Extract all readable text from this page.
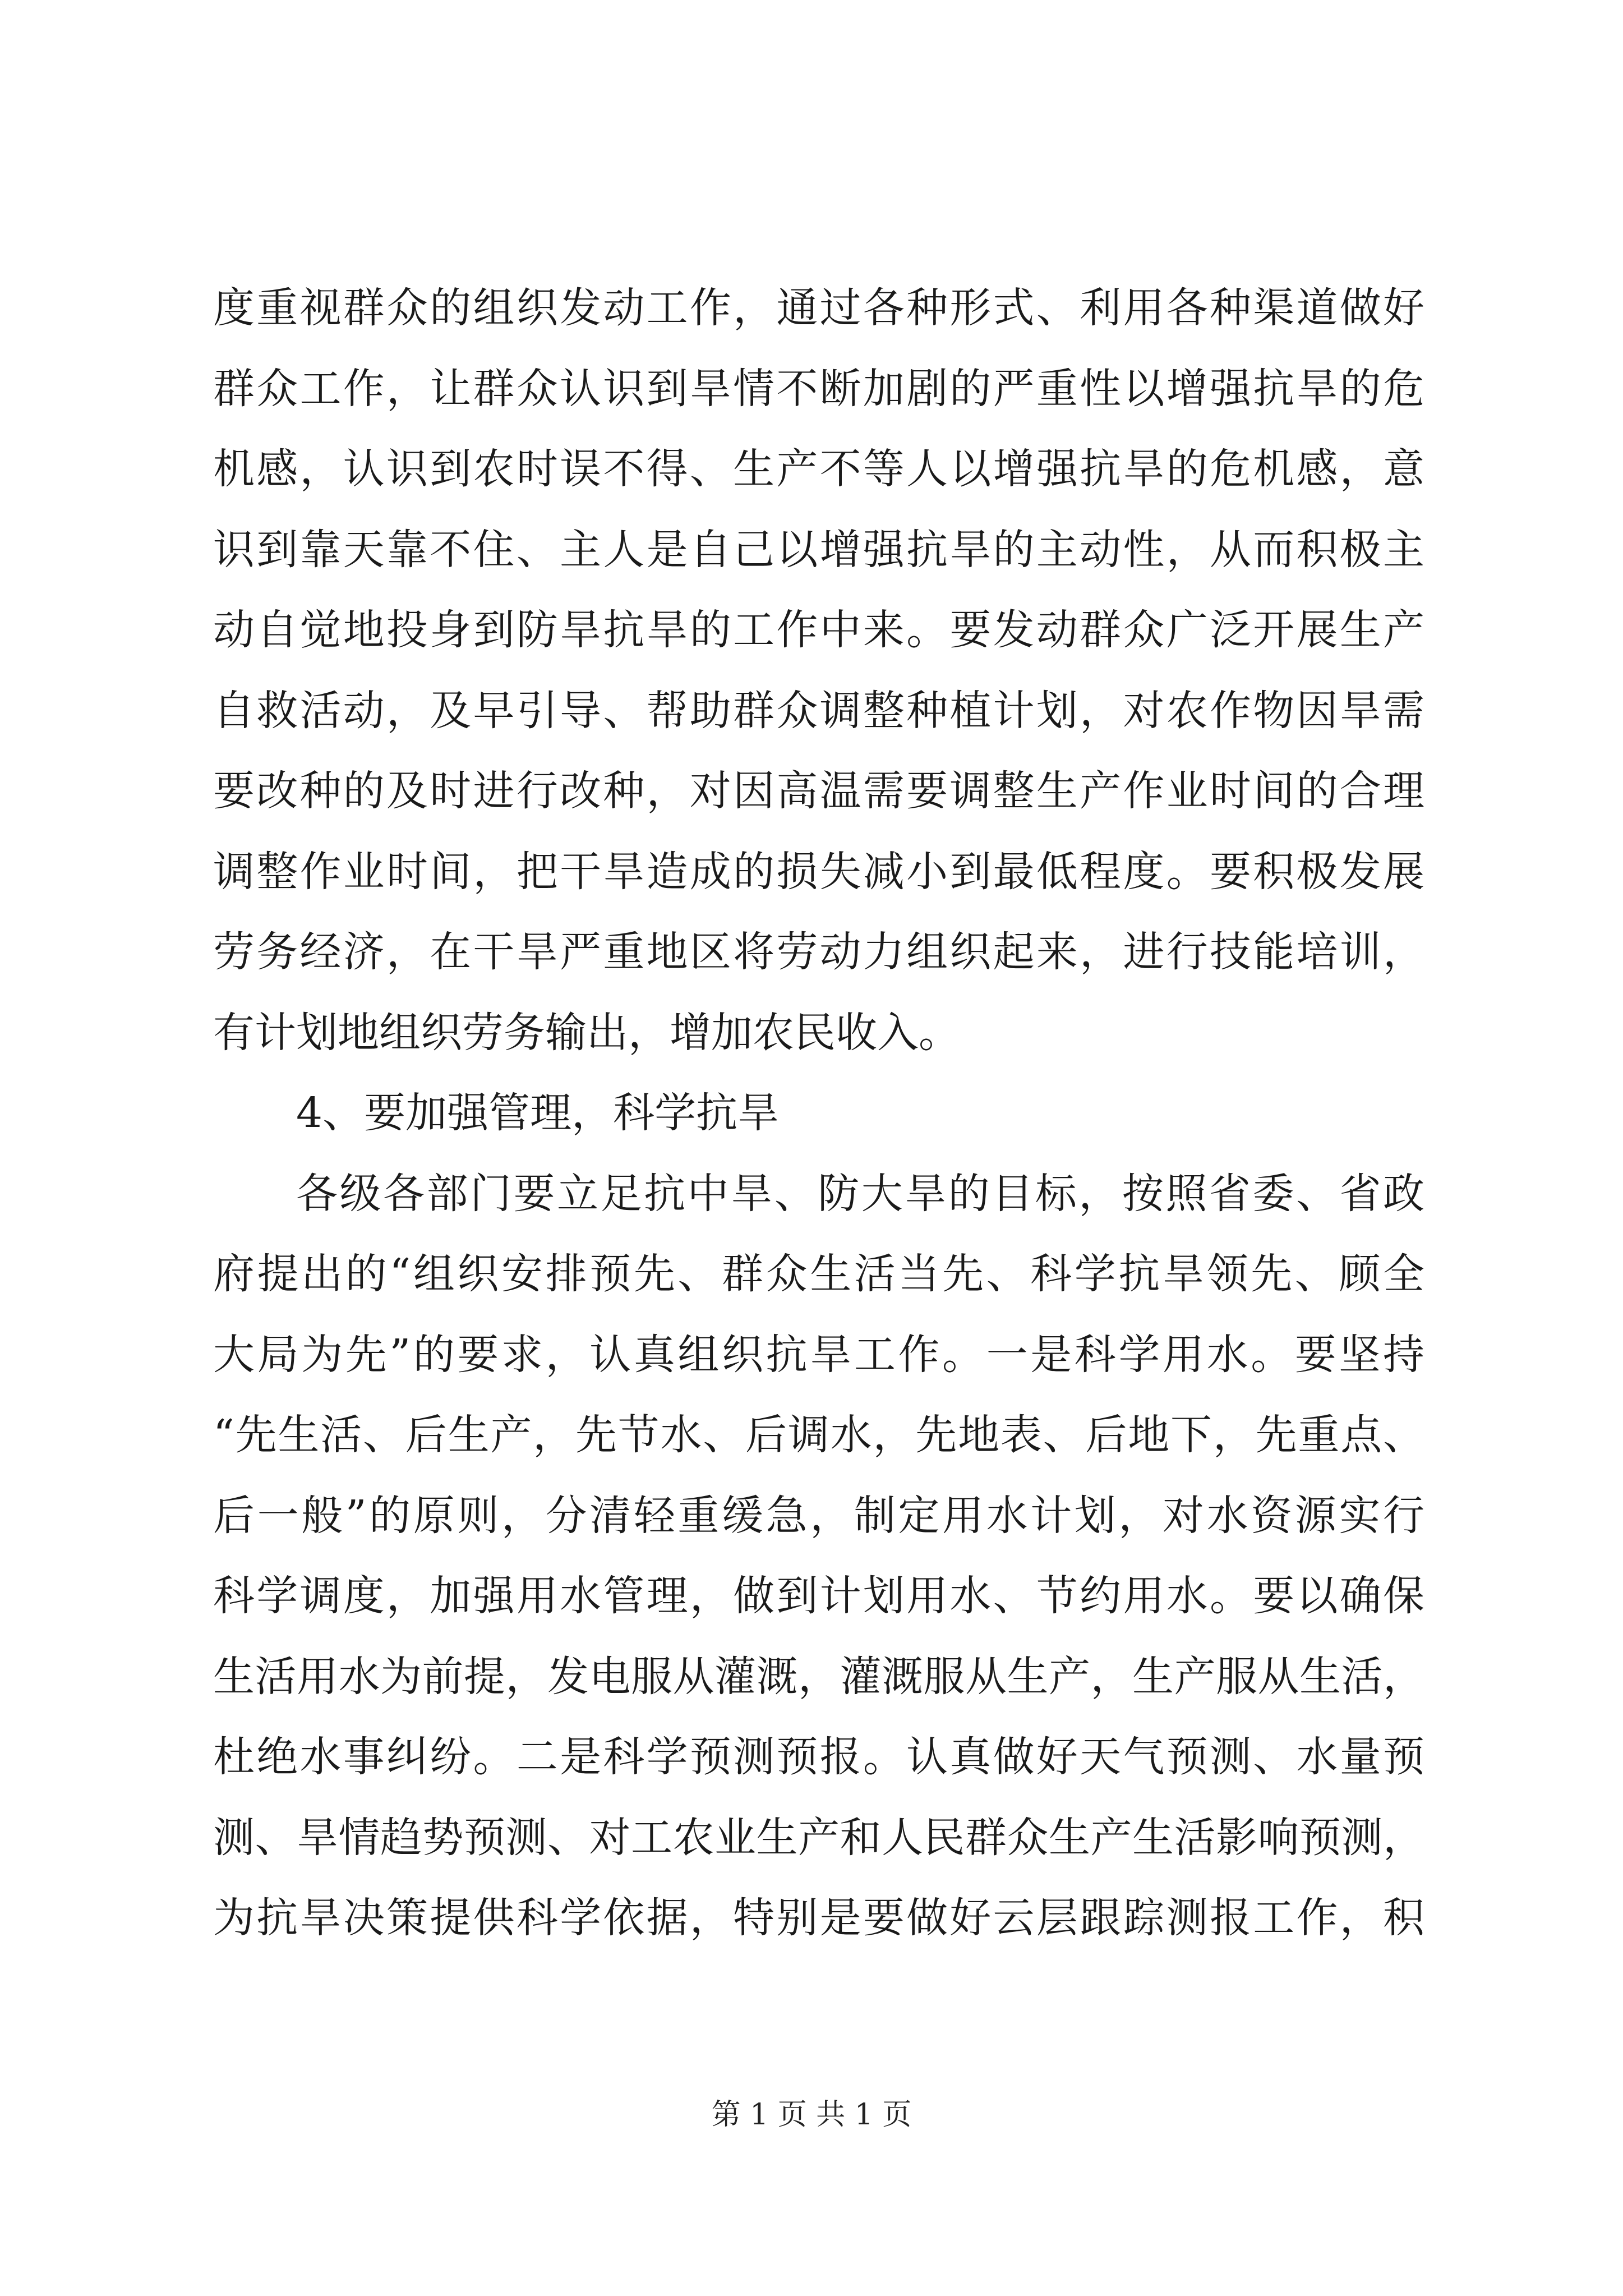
度重视群众的组织发动工作，通过各种形式、利用各种渠道做好
群众工作，让群众认识到旱情不断加剧的严重性以增强抗旱的危
机感，认识到农时误不得、生产不等人以增强抗旱的危机感，意
识到靠天靠不住、主人是自己以增强抗旱的主动性，从而积极主
动自觉地投身到防旱抗旱的工作中来。要发动群众广泛开展生产
自救活动，及早引导、帮助群众调整种植计划，对农作物因旱需
要改种的及时进行改种，对因高温需要调整生产作业时间的合理
调整作业时间，把干旱造成的损失减小到最低程度。要积极发展
劳务经济，在干旱严重地区将劳动力组织起来，进行技能培训，
有计划地组织劳务输出，增加农民收入。
4、要加强管理，科学抗旱
各级各部门要立足抗中旱、防大旱的目标，按照省委、省政
府提出的“组织安排预先、群众生活当先、科学抗旱领先、顾全
大局为先”的要求，认真组织抗旱工作。一是科学用水。要坚持
“先生活、后生产，先节水、后调水，先地表、后地下，先重点、
后一般”的原则，分清轻重缓急，制定用水计划，对水资源实行
科学调度，加强用水管理，做到计划用水、节约用水。要以确保
生活用水为前提，发电服从灌溉，灌溉服从生产，生产服从生活，
杜绝水事纠纷。二是科学预测预报。认真做好天气预测、水量预
测、旱情趋势预测、对工农业生产和人民群众生产生活影响预测，
为抗旱决策提供科学依据，特别是要做好云层跟踪测报工作，积
第 1 页 共 1 页
